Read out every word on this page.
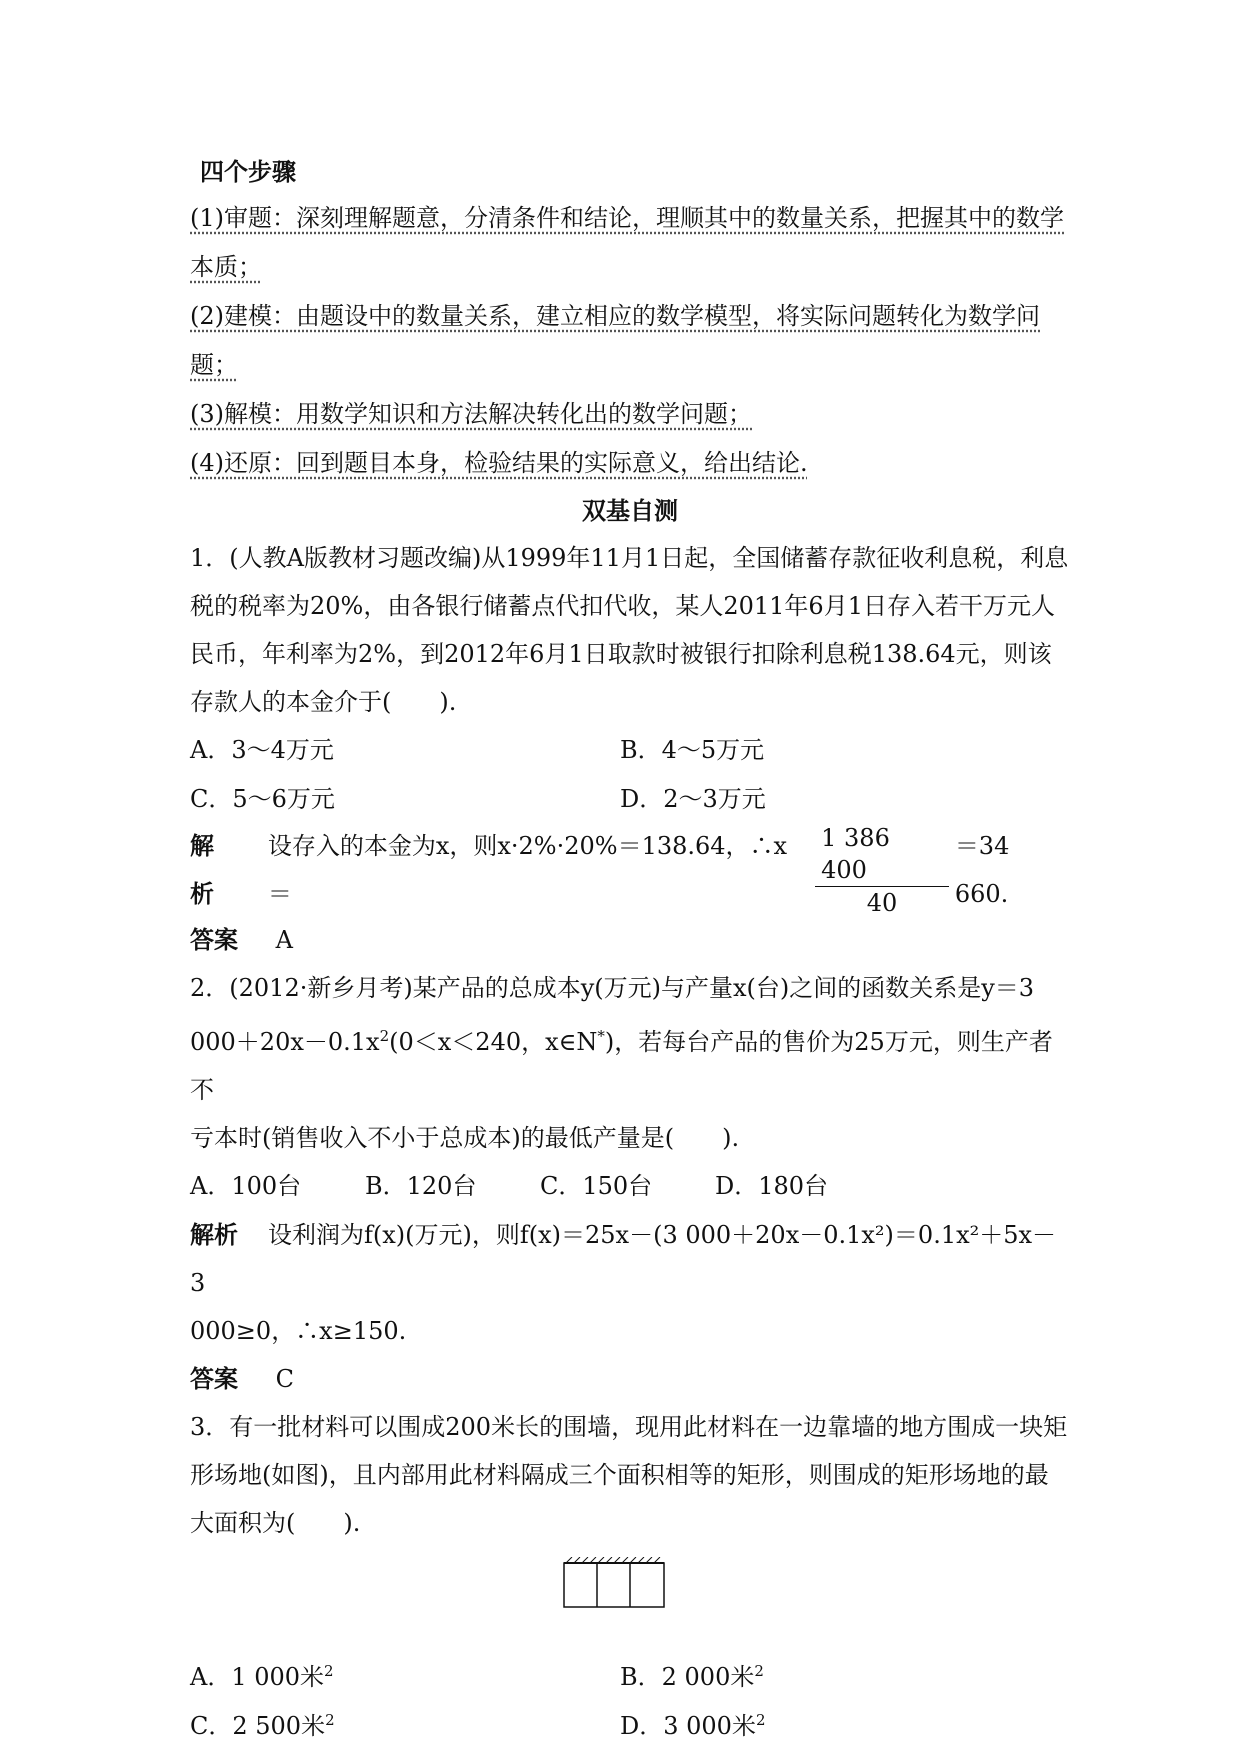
四个步骤
(1)审题：深刻理解题意，分清条件和结论，理顺其中的数量关系，把握其中的数学本质；
(2)建模：由题设中的数量关系，建立相应的数学模型，将实际问题转化为数学问题；
(3)解模：用数学知识和方法解决转化出的数学问题；
(4)还原：回到题目本身，检验结果的实际意义，给出结论.
双基自测
1．(人教A版教材习题改编)从1999年11月1日起，全国储蓄存款征收利息税，利息税的税率为20%，由各银行储蓄点代扣代收，某人2011年6月1日存入若干万元人民币，年利率为2%，到2012年6月1日取款时被银行扣除利息税138.64元，则该存款人的本金介于(　　).
A．3～4万元	B．4～5万元
C．5～6万元	D．2～3万元
解析
设存入的本金为x，则x·2%·20%＝138.64，∴x＝	$\frac{1 386 400}{40} =34$ 660.
答案 A
2．(2012·新乡月考)某产品的总成本y(万元)与产量x(台)之间的函数关系是y＝3
$000+20x-0.1x^2(0<x<240$，x∈N*)，若每台产品的售价为25万元，则生产者不
亏本时(销售收入不小于总成本)的最低产量是(　　).
A．100台	B．120台	C．150台	D．180台
解析 设利润为f(x)(万元)，则f(x)＝25x－(3 000＋20x－0.1x²)＝0.1x²＋5x－3
000≥0，∴x≥150.
答案 C
3．有一批材料可以围成200米长的围墙，现用此材料在一边靠墙的地方围成一块矩形场地(如图)，且内部用此材料隔成三个面积相等的矩形，则围成的矩形场地的最大面积为(　　).
A．1 000米$^2$	B．2 000米$^2$
C．2 500米$^2$	D．3 000米$^2$
